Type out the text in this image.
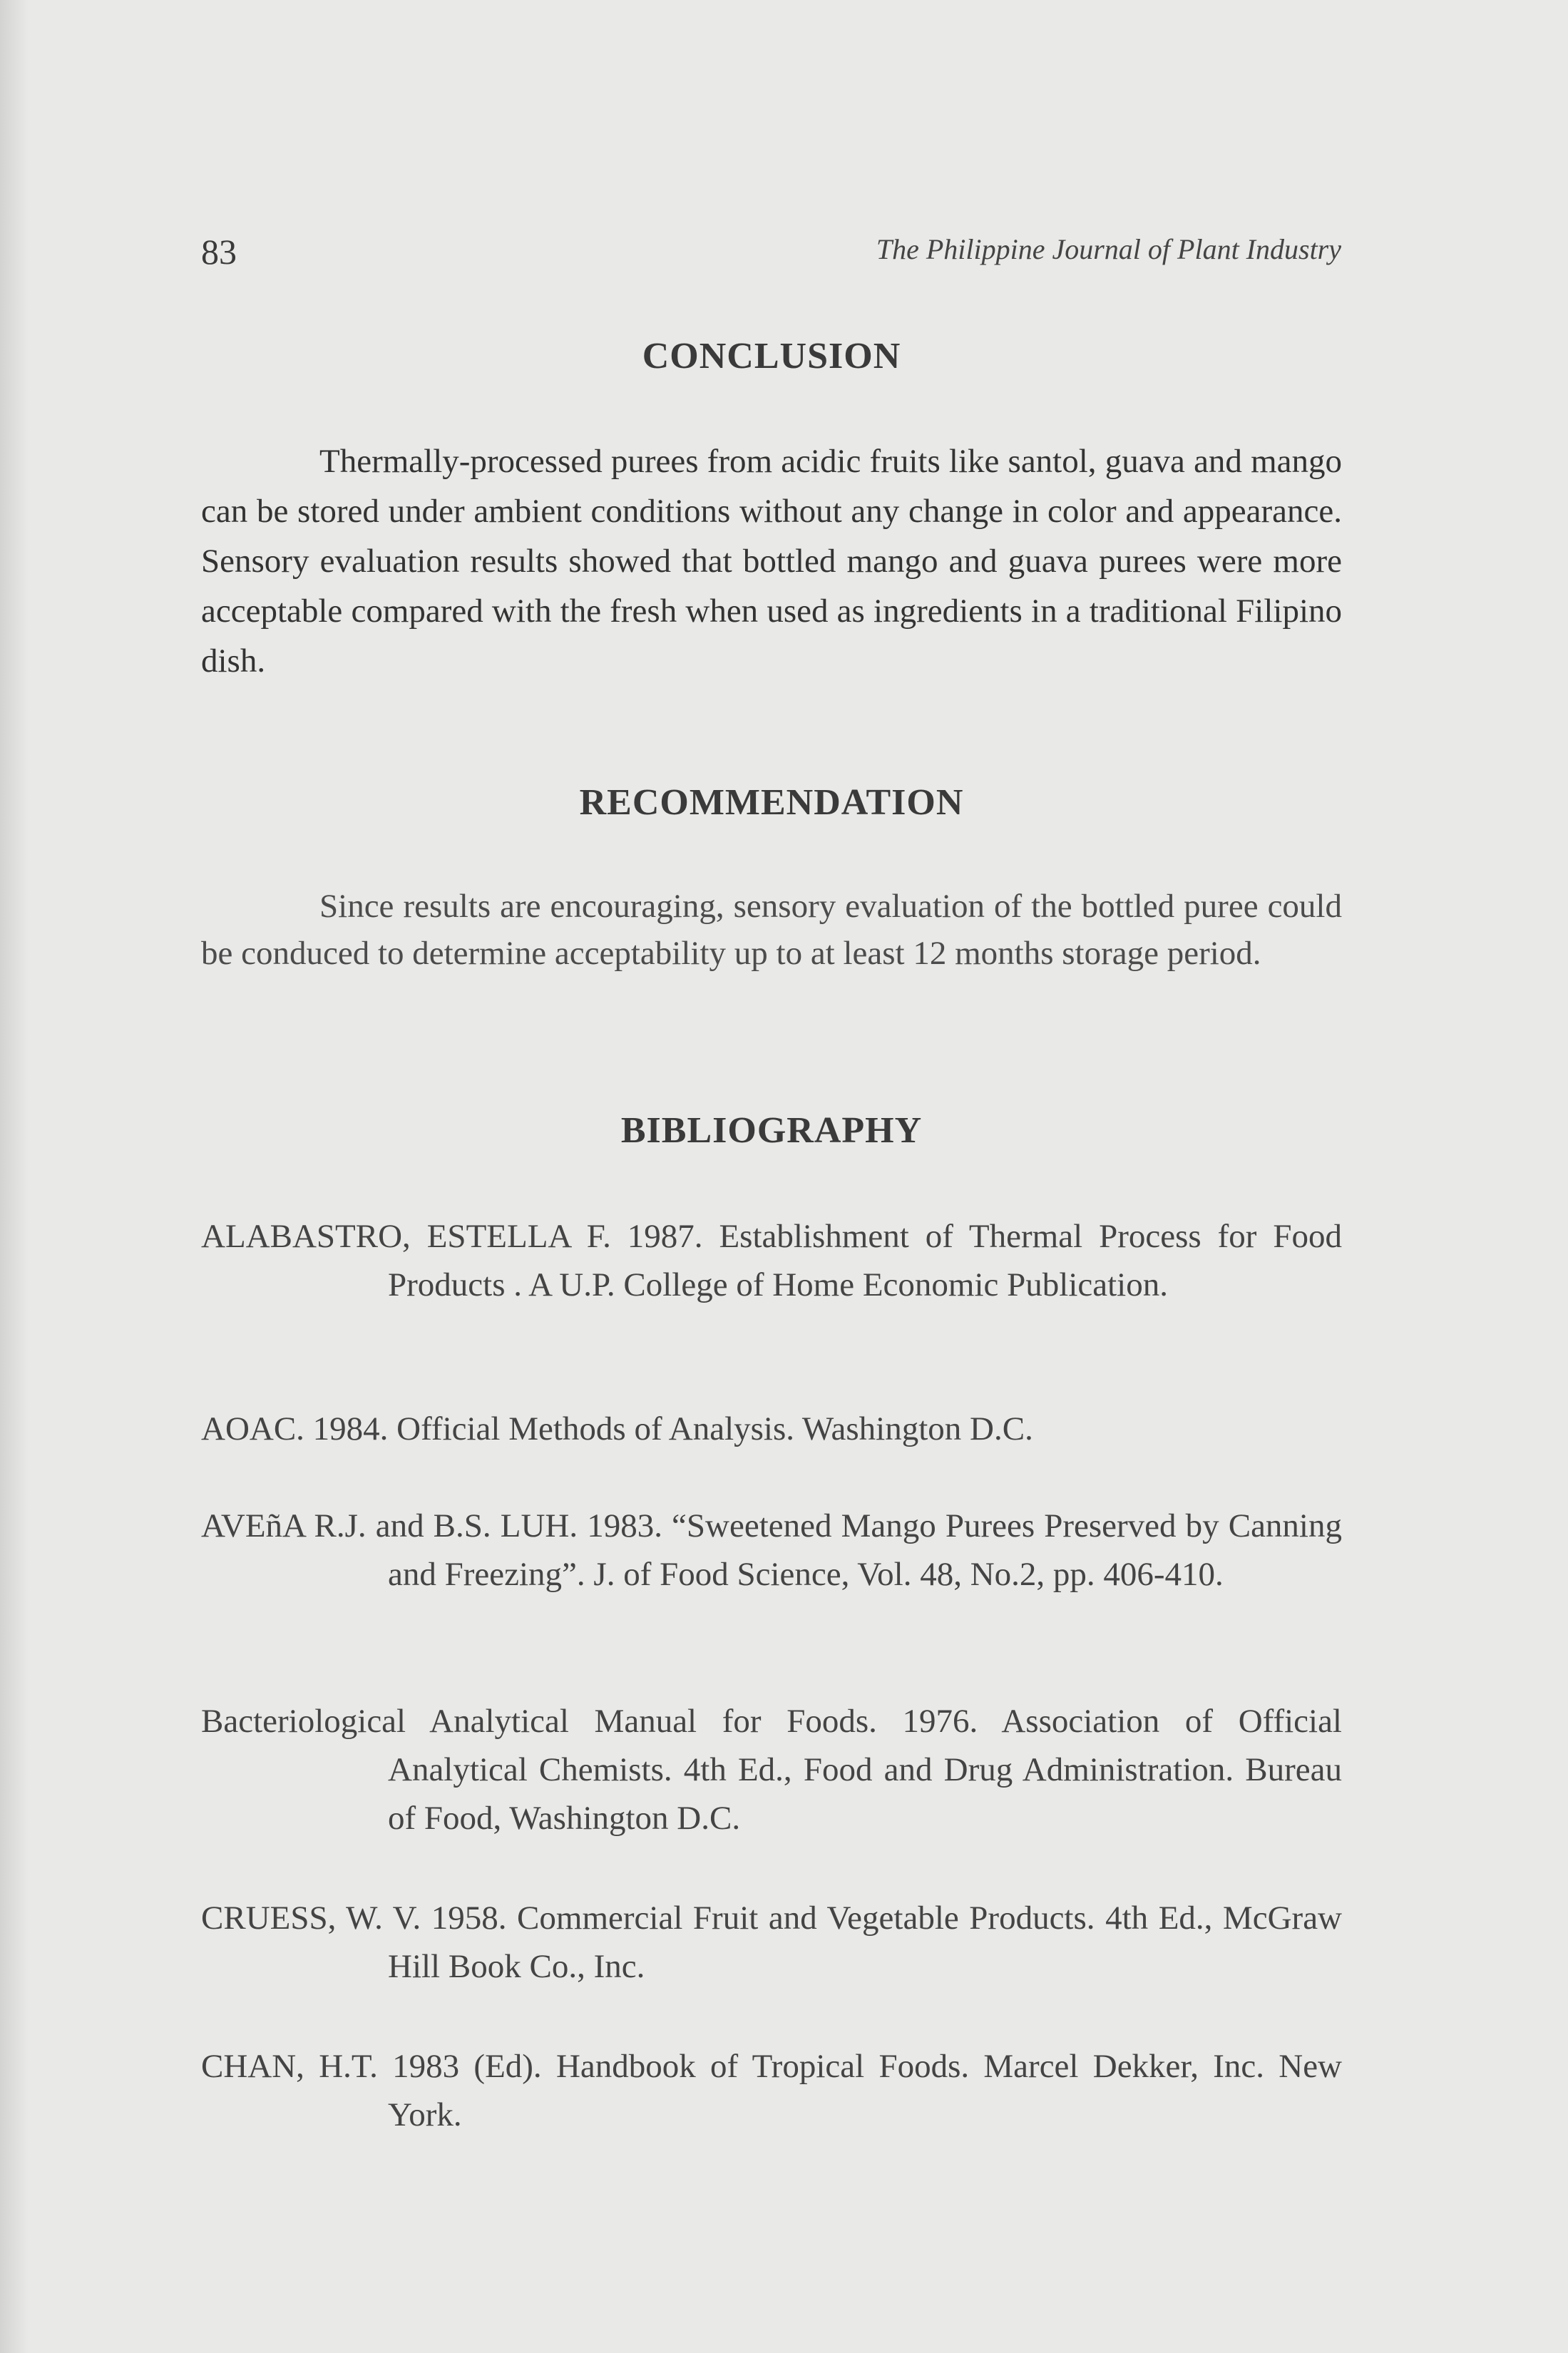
83	The Philippine Journal of Plant Industry
CONCLUSION
Thermally-processed purees from acidic fruits like santol, guava and mango can be stored under ambient conditions without any change in color and appearance. Sensory evaluation results showed that bottled mango and guava purees were more acceptable compared with the fresh when used as ingredients in a traditional Filipino dish.
RECOMMENDATION
Since results are encouraging, sensory evaluation of the bottled puree could be conduced to determine acceptability up to at least 12 months storage period.
BIBLIOGRAPHY
ALABASTRO, ESTELLA F. 1987. Establishment of Thermal Process for Food Products . A U.P. College of Home Economic Publication.
AOAC. 1984. Official Methods of Analysis. Washington D.C.
AVEñA R.J. and B.S. LUH. 1983. “Sweetened Mango Purees Preserved by Canning and Freezing”. J. of Food Science, Vol. 48, No.2, pp. 406-410.
Bacteriological Analytical Manual for Foods. 1976. Association of Official Analytical Chemists. 4th Ed., Food and Drug Administration. Bureau of Food, Washington D.C.
CRUESS, W. V. 1958. Commercial Fruit and Vegetable Products. 4th Ed., McGraw Hill Book Co., Inc.
CHAN, H.T. 1983 (Ed). Handbook of Tropical Foods. Marcel Dekker, Inc. New York.
